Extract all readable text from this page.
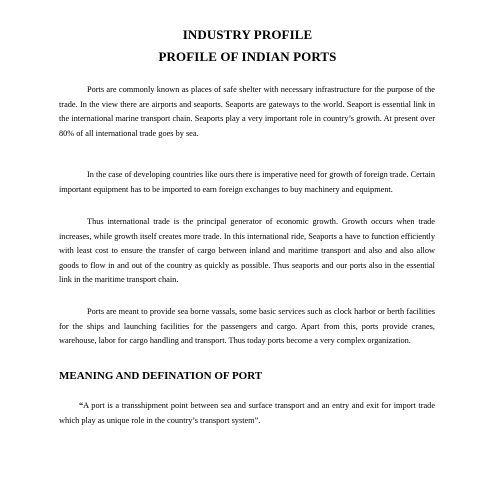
INDUSTRY PROFILE
PROFILE OF INDIAN PORTS

Ports are commonly known as places of safe shelter with necessary infrastructure for the purpose of the trade. In the view there are airports and seaports. Seaports are gateways to the world. Seaport is essential link in the international marine transport chain. Seaports play a very important role in country’s growth. At present over 80% of all international trade goes by sea.

In the case of developing countries like ours there is imperative need for growth of foreign trade. Certain important equipment has to be imported to earn foreign exchanges to buy machinery and equipment.

Thus international trade is the principal generator of economic growth. Growth occurs when trade increases, while growth itself creates more trade. In this international ride, Seaports a have to function efficiently with least cost to ensure the transfer of cargo between inland and maritime transport and also and also allow goods to flow in and out of the country as quickly as possible. Thus seaports and our ports also in the essential link in the maritime transport chain.

Ports are meant to provide sea borne vassals, some basic services such as clock harbor or berth facilities for the ships and launching facilities for the passengers and cargo. Apart from this, ports provide cranes, warehouse, labor for cargo handling and transport. Thus today ports become a very complex organization.

MEANING AND DEFINATION OF PORT

“A port is a transshipment point between sea and surface transport and an entry and exit for import trade which play as unique role in the country’s transport system”.
